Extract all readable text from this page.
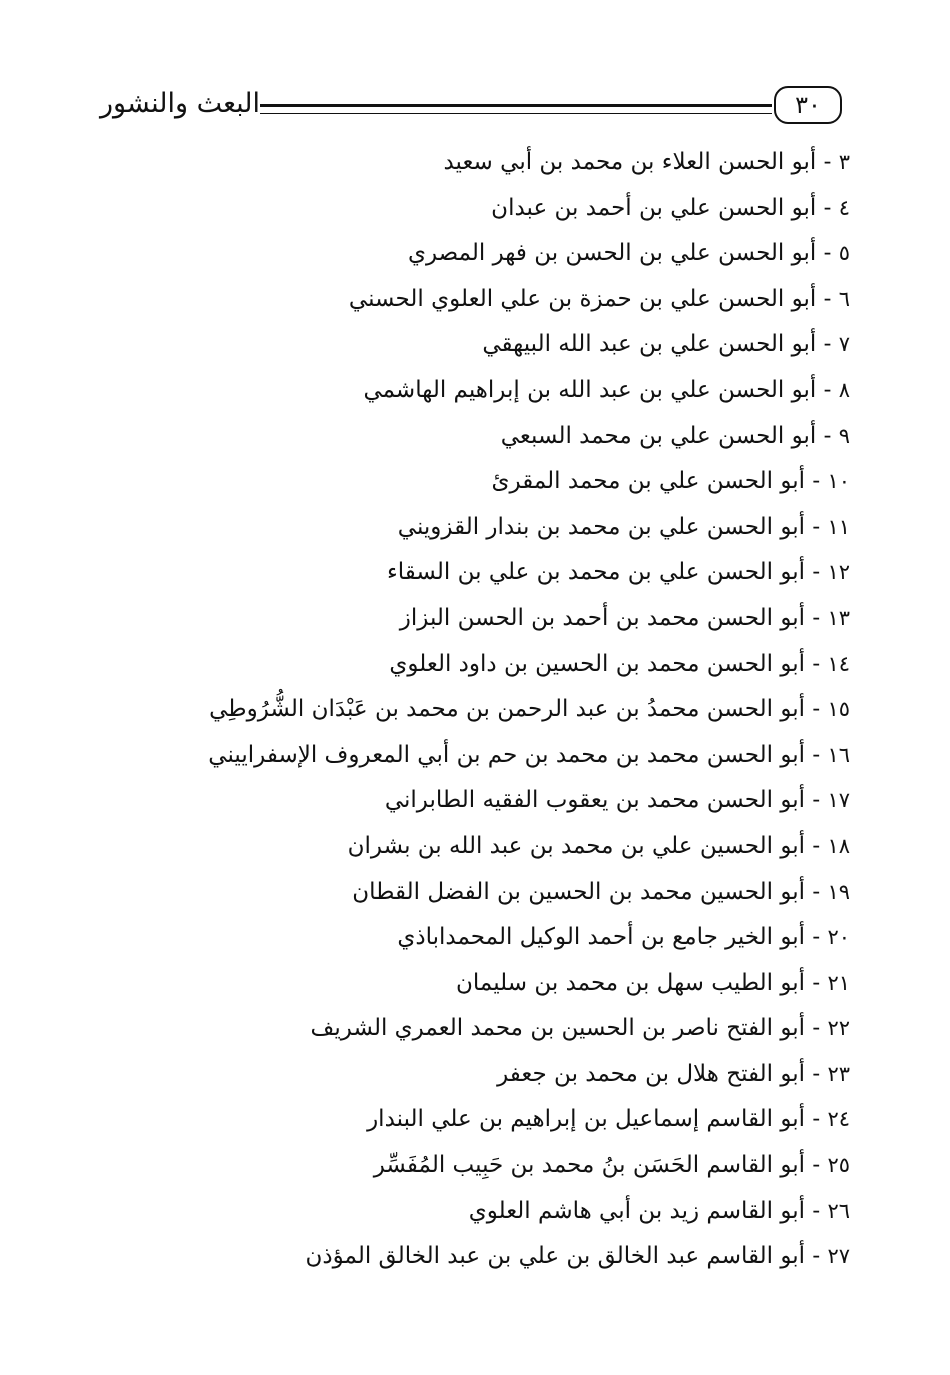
البعث والنشور	٣٠
٣ - أبو الحسن العلاء بن محمد بن أبي سعيد
٤ - أبو الحسن علي بن أحمد بن عبدان
٥ - أبو الحسن علي بن الحسن بن فهر المصري
٦ - أبو الحسن علي بن حمزة بن علي العلوي الحسني
٧ - أبو الحسن علي بن عبد الله البيهقي
٨ - أبو الحسن علي بن عبد الله بن إبراهيم الهاشمي
٩ - أبو الحسن علي بن محمد السبعي
١٠ - أبو الحسن علي بن محمد المقرئ
١١ - أبو الحسن علي بن محمد بن بندار القزويني
١٢ - أبو الحسن علي بن محمد بن علي بن السقاء
١٣ - أبو الحسن محمد بن أحمد بن الحسن البزاز
١٤ - أبو الحسن محمد بن الحسين بن داود العلوي
١٥ - أبو الحسن محمدُ بن عبد الرحمن بن محمد بن عَبْدَان الشُّرُوطِي
١٦ - أبو الحسن محمد بن محمد بن حم بن أبي المعروف الإسفراييني
١٧ - أبو الحسن محمد بن يعقوب الفقيه الطابراني
١٨ - أبو الحسين علي بن محمد بن عبد الله بن بشران
١٩ - أبو الحسين محمد بن الحسين بن الفضل القطان
٢٠ - أبو الخير جامع بن أحمد الوكيل المحمداباذي
٢١ - أبو الطيب سهل بن محمد بن سليمان
٢٢ - أبو الفتح ناصر بن الحسين بن محمد العمري الشريف
٢٣ - أبو الفتح هلال بن محمد بن جعفر
٢٤ - أبو القاسم إسماعيل بن إبراهيم بن علي البندار
٢٥ - أبو القاسم الحَسَن بنُ محمد بن حَبِيب المُفَسِّر
٢٦ - أبو القاسم زيد بن أبي هاشم العلوي
٢٧ - أبو القاسم عبد الخالق بن علي بن عبد الخالق المؤذن
